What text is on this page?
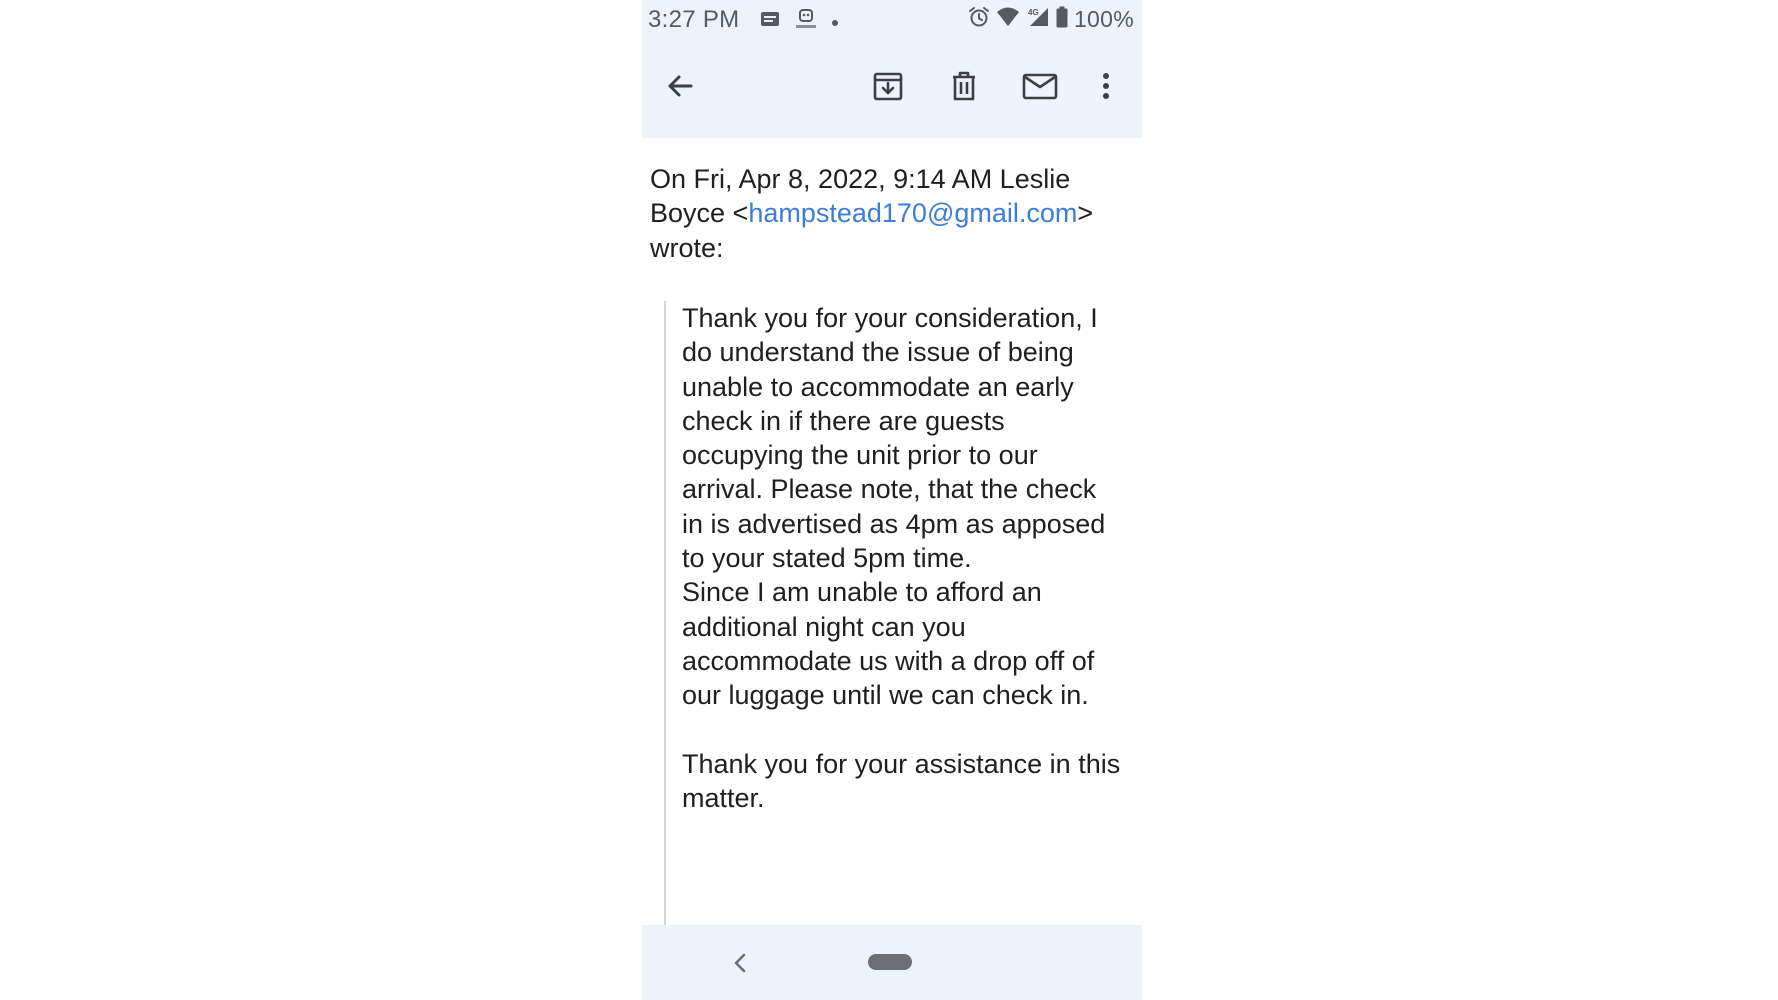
3:27 PM	4G 100%
On Fri, Apr 8, 2022, 9:14 AM Leslie Boyce <hampstead170@gmail.com>
wrote:

Thank you for your consideration, I do understand the issue of being unable to accommodate an early check in if there are guests occupying the unit prior to our arrival. Please note, that the check in is advertised as 4pm as apposed to your stated 5pm time.

Since I am unable to afford an additional night can you accommodate us with a drop off of our luggage until we can check in.

Thank you for your assistance in this matter.
